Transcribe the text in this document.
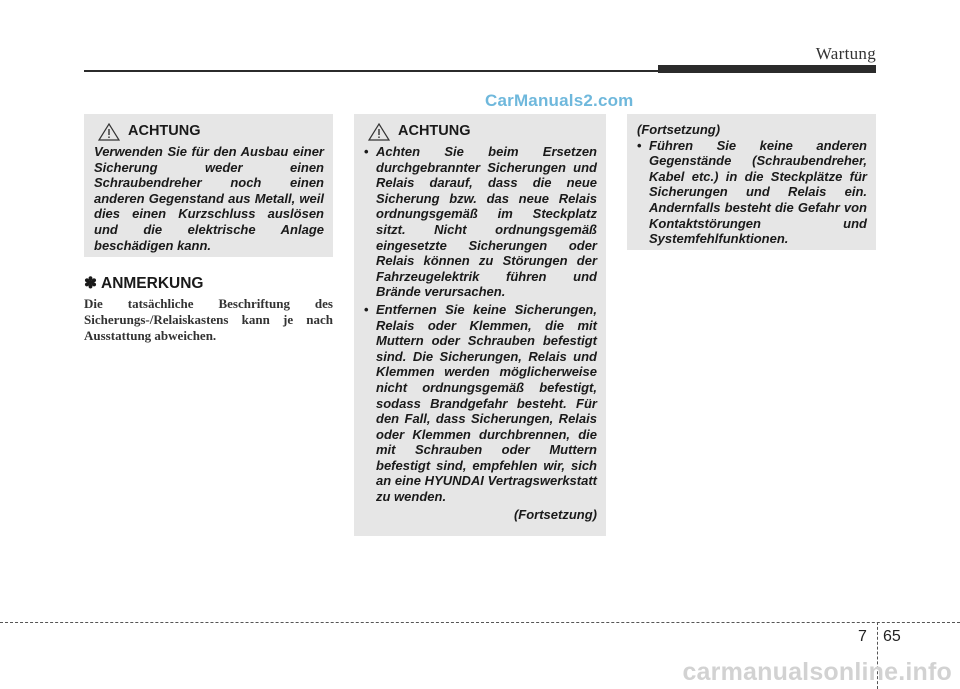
Wartung
CarManuals2.com
ACHTUNG
Verwenden Sie für den Ausbau einer Sicherung weder einen Schraubendreher noch einen anderen Gegenstand aus Metall, weil dies einen Kurzschluss auslösen und die elektrische Anlage beschädigen kann.
✽ ANMERKUNG
Die tatsächliche Beschriftung des Sicherungs-/Relaiskastens kann je nach Ausstattung abweichen.
ACHTUNG
• Achten Sie beim Ersetzen durchgebrannter Sicherungen und Relais darauf, dass die neue Sicherung bzw. das neue Relais ordnungsgemäß im Steckplatz sitzt. Nicht ordnungsgemäß eingesetzte Sicherungen oder Relais können zu Störungen der Fahrzeugelektrik führen und Brände verursachen.
• Entfernen Sie keine Sicherungen, Relais oder Klemmen, die mit Muttern oder Schrauben befestigt sind. Die Sicherungen, Relais und Klemmen werden möglicherweise nicht ordnungsgemäß befestigt, sodass Brandgefahr besteht. Für den Fall, dass Sicherungen, Relais oder Klemmen durchbrennen, die mit Schrauben oder Muttern befestigt sind, empfehlen wir, sich an eine HYUNDAI Vertragswerkstatt zu wenden.
(Fortsetzung)
(Fortsetzung)
• Führen Sie keine anderen Gegenstände (Schraubendreher, Kabel etc.) in die Steckplätze für Sicherungen und Relais ein. Andernfalls besteht die Gefahr von Kontaktstörungen und Systemfehlfunktionen.
7 65
carmanualsonline.info
